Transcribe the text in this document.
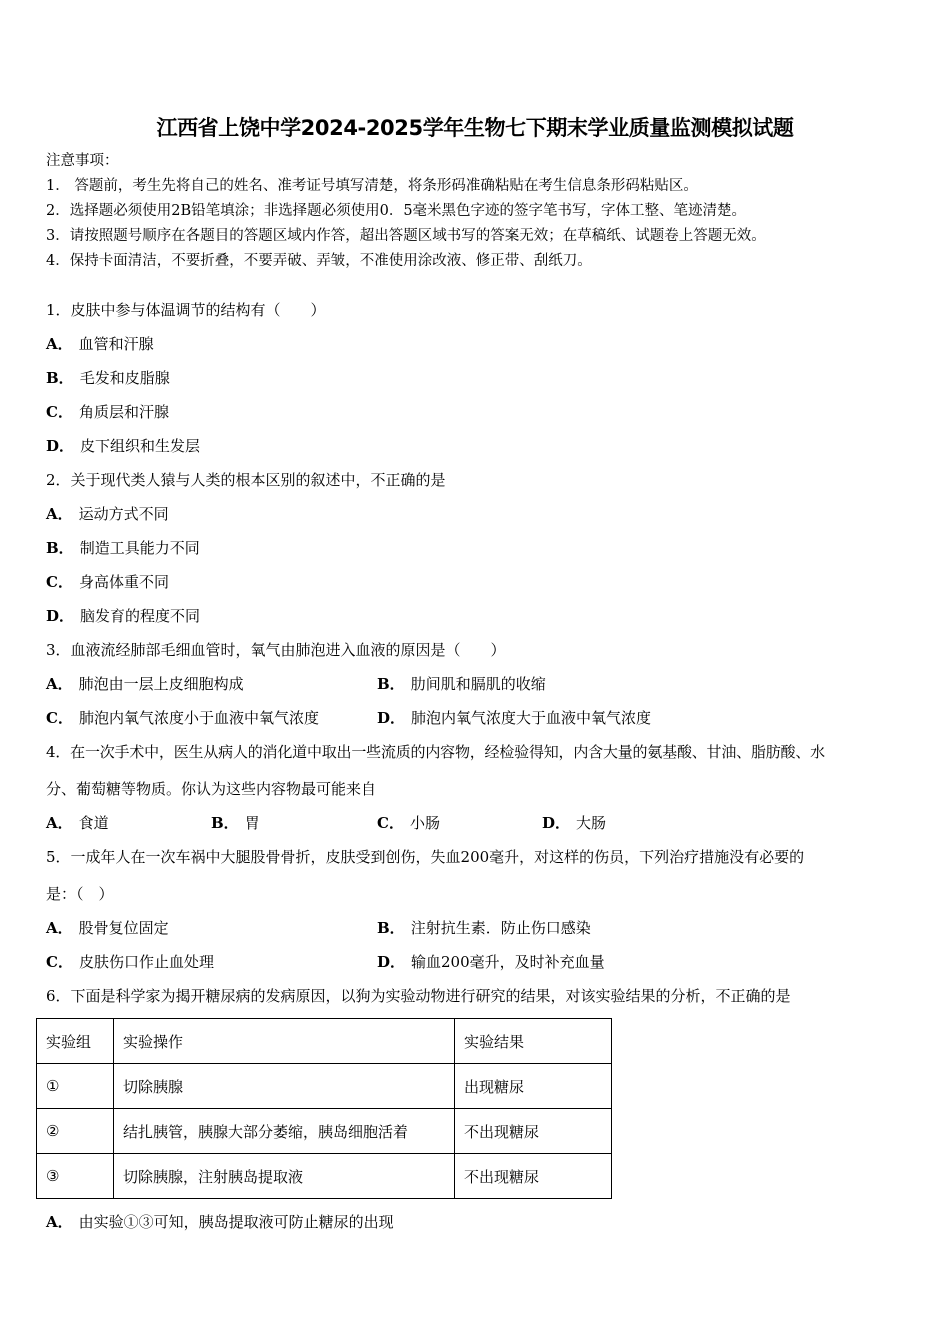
江西省上饶中学2024-2025学年生物七下期末学业质量监测模拟试题
注意事项：
1． 答题前，考生先将自己的姓名、准考证号填写清楚，将条形码准确粘贴在考生信息条形码粘贴区。
2．选择题必须使用2B铅笔填涂；非选择题必须使用0．5毫米黑色字迹的签字笔书写，字体工整、笔迹清楚。
3．请按照题号顺序在各题目的答题区域内作答，超出答题区域书写的答案无效；在草稿纸、试题卷上答题无效。
4．保持卡面清洁，不要折叠，不要弄破、弄皱，不准使用涂改液、修正带、刮纸刀。
1．皮肤中参与体温调节的结构有（　　）
A． 血管和汗腺
B． 毛发和皮脂腺
C． 角质层和汗腺
D． 皮下组织和生发层
2．关于现代类人猿与人类的根本区别的叙述中，不正确的是
A． 运动方式不同
B． 制造工具能力不同
C． 身高体重不同
D． 脑发育的程度不同
3．血液流经肺部毛细血管时，氧气由肺泡进入血液的原因是（　　）
A． 肺泡由一层上皮细胞构成	B． 肋间肌和膈肌的收缩
C． 肺泡内氧气浓度小于血液中氧气浓度	D． 肺泡内氧气浓度大于血液中氧气浓度
4．在一次手术中，医生从病人的消化道中取出一些流质的内容物，经检验得知，内含大量的氨基酸、甘油、脂肪酸、水
分、葡萄糖等物质。你认为这些内容物最可能来自
A． 食道	B． 胃	C． 小肠	D． 大肠
5．一成年人在一次车祸中大腿股骨骨折，皮肤受到创伤，失血200毫升，对这样的伤员，下列治疗措施没有必要的
是：（　）
A． 股骨复位固定	B． 注射抗生素．防止伤口感染
C． 皮肤伤口作止血处理	D． 输血200毫升，及时补充血量
6．下面是科学家为揭开糖尿病的发病原因，以狗为实验动物进行研究的结果，对该实验结果的分析，不正确的是
实验组	实验操作	实验结果
①	切除胰腺	出现糖尿
②	结扎胰管，胰腺大部分萎缩，胰岛细胞活着	不出现糖尿
③	切除胰腺，注射胰岛提取液	不出现糖尿
A． 由实验①③可知，胰岛提取液可防止糖尿的出现
